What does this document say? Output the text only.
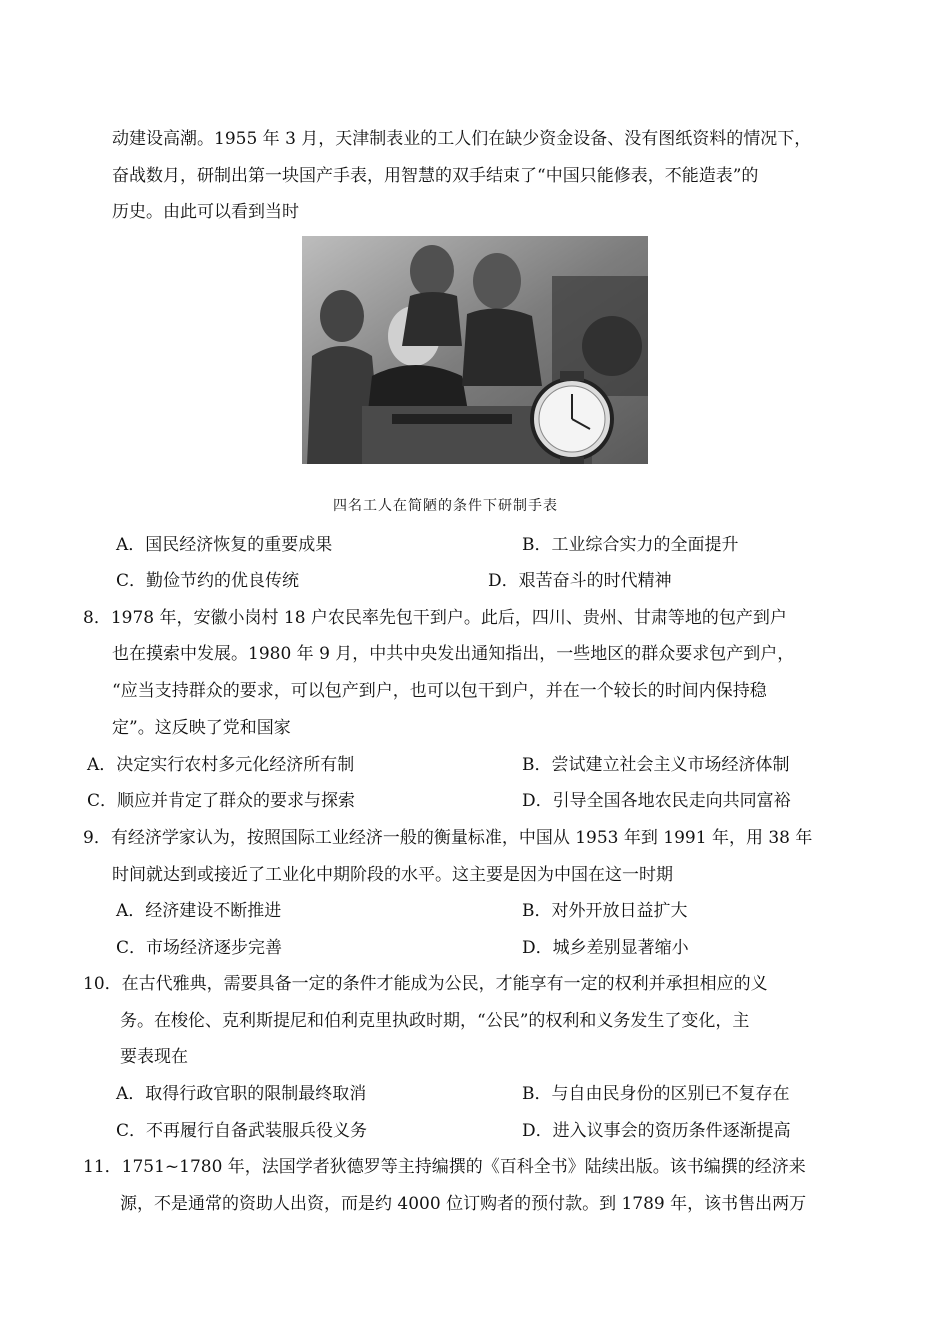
动建设高潮。1955 年 3 月，天津制表业的工人们在缺少资金设备、没有图纸资料的情况下，
奋战数月，研制出第一块国产手表，用智慧的双手结束了“中国只能修表，不能造表”的
历史。由此可以看到当时
四名工人在简陋的条件下研制手表
A．国民经济恢复的重要成果	B．工业综合实力的全面提升
C．勤俭节约的优良传统	D．艰苦奋斗的时代精神
8．1978 年，安徽小岗村 18 户农民率先包干到户。此后，四川、贵州、甘肃等地的包产到户
也在摸索中发展。1980 年 9 月，中共中央发出通知指出，一些地区的群众要求包产到户，
“应当支持群众的要求，可以包产到户，也可以包干到户，并在一个较长的时间内保持稳
定”。这反映了党和国家
A．决定实行农村多元化经济所有制	B．尝试建立社会主义市场经济体制
C．顺应并肯定了群众的要求与探索	D．引导全国各地农民走向共同富裕
9．有经济学家认为，按照国际工业经济一般的衡量标准，中国从 1953 年到 1991 年，用 38 年
时间就达到或接近了工业化中期阶段的水平。这主要是因为中国在这一时期
A．经济建设不断推进	B．对外开放日益扩大
C．市场经济逐步完善	D．城乡差别显著缩小
10．在古代雅典，需要具备一定的条件才能成为公民，才能享有一定的权利并承担相应的义
务。在梭伦、克利斯提尼和伯利克里执政时期，“公民”的权利和义务发生了变化，主
要表现在
A．取得行政官职的限制最终取消	B．与自由民身份的区别已不复存在
C．不再履行自备武装服兵役义务	D．进入议事会的资历条件逐渐提高
11．1751~1780 年，法国学者狄德罗等主持编撰的《百科全书》陆续出版。该书编撰的经济来
源，不是通常的资助人出资，而是约 4000 位订购者的预付款。到 1789 年，该书售出两万
